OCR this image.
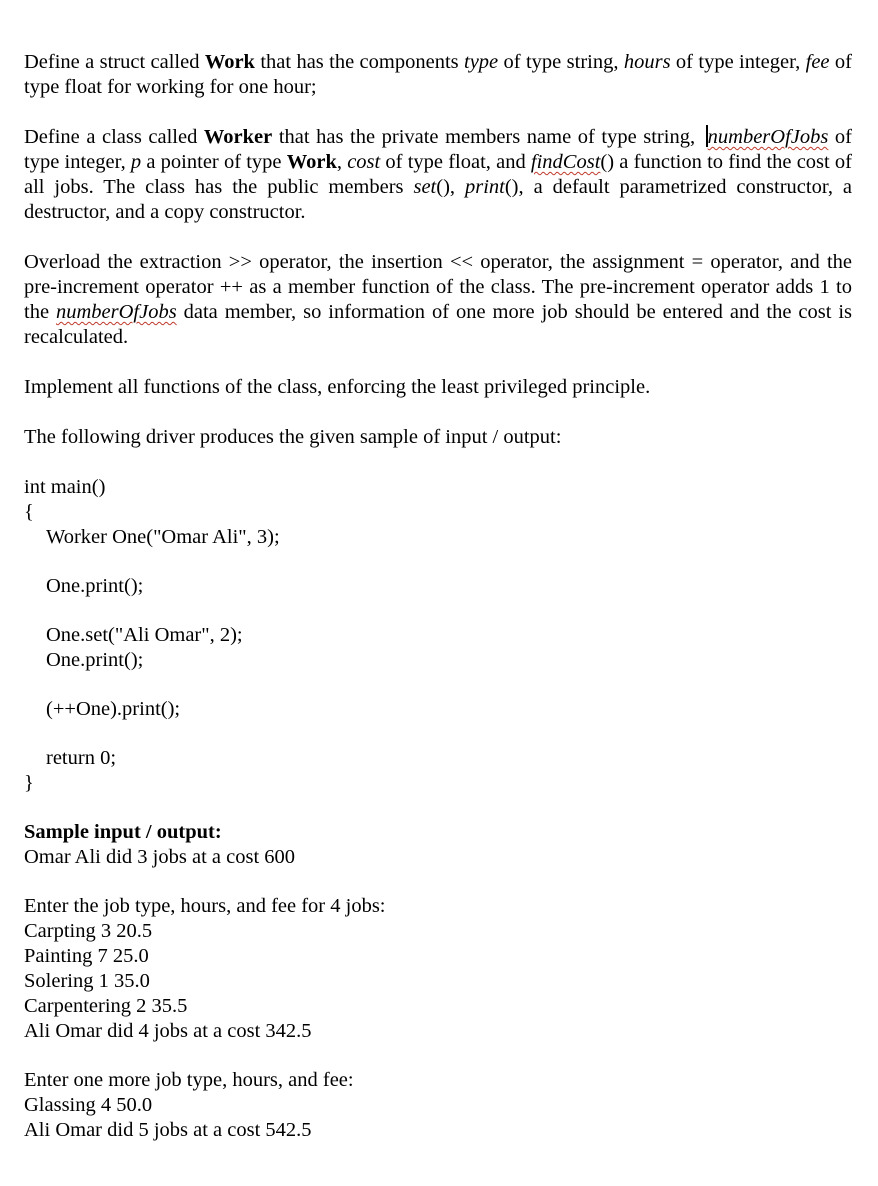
Define a struct called Work that has the components type of type string, hours of type integer, fee of type float for working for one hour;

Define a class called Worker that has the private members name of type string, numberOfJobs of type integer, p a pointer of type Work, cost of type float, and findCost() a function to find the cost of all jobs. The class has the public members set(), print(), a default parametrized constructor, a destructor, and a copy constructor.

Overload the extraction >> operator, the insertion << operator, the assignment = operator, and the pre-increment operator ++ as a member function of the class. The pre-increment operator adds 1 to the numberOfJobs data member, so information of one more job should be entered and the cost is recalculated.

Implement all functions of the class, enforcing the least privileged principle.

The following driver produces the given sample of input / output:

int main()

{

Worker One("Omar Ali", 3);

One.print();

One.set("Ali Omar", 2);

One.print();

(++One).print();

return 0;

}

Sample input / output:

Omar Ali did 3 jobs at a cost 600

Enter the job type, hours, and fee for 4 jobs:

Carpting 3 20.5

Painting 7 25.0

Solering 1 35.0

Carpentering 2 35.5

Ali Omar did 4 jobs at a cost 342.5

Enter one more job type, hours, and fee:

Glassing 4 50.0

Ali Omar did 5 jobs at a cost 542.5
